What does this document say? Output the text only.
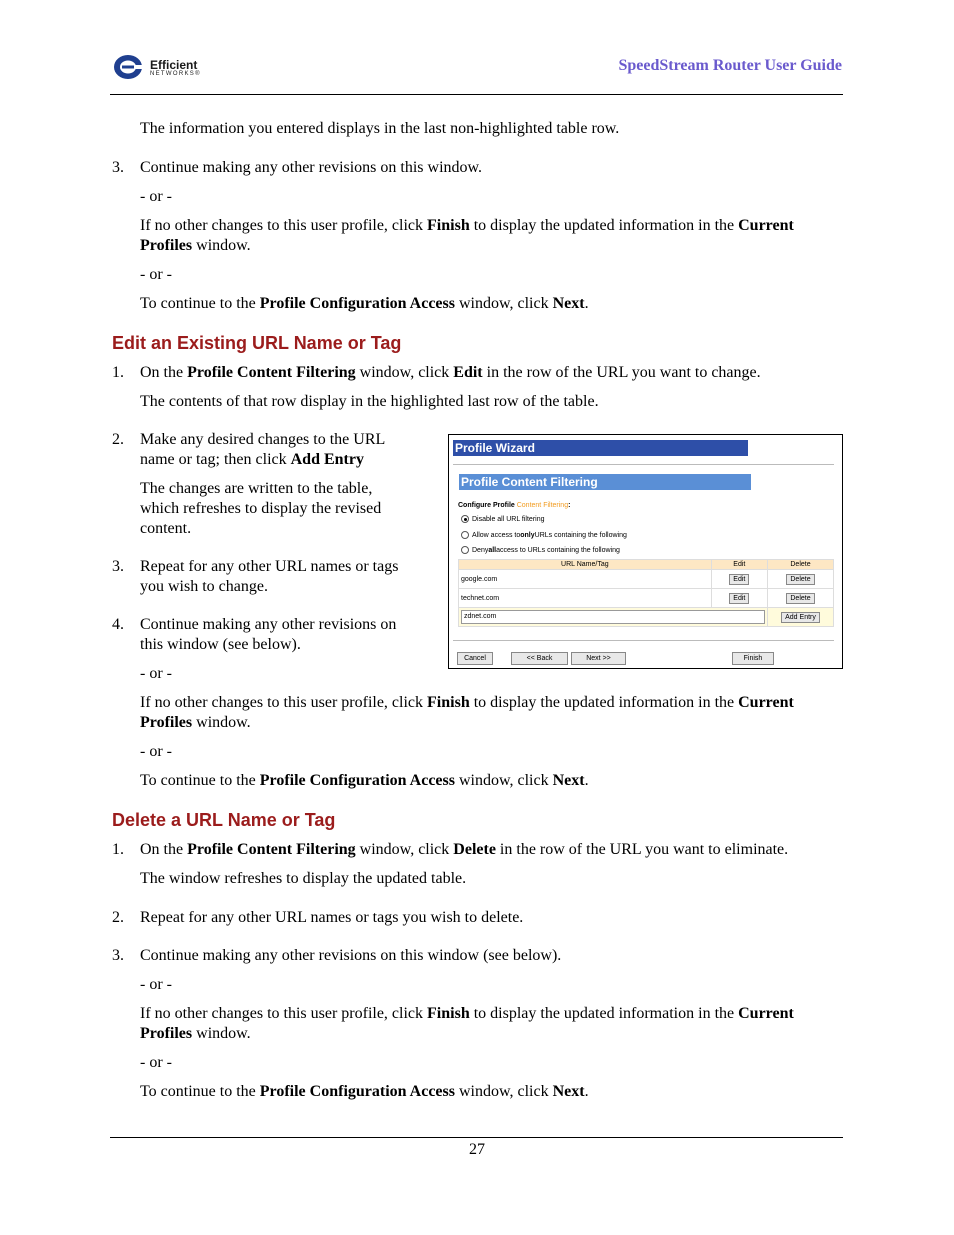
Efficient
NETWORKS®	SpeedStream Router User Guide

The information you entered displays in the last non-highlighted table row.

3. Continue making any other revisions on this window.

- or -

If no other changes to this user profile, click Finish to display the updated information in the Current
Profiles window.

- or -

To continue to the Profile Configuration Access window, click Next.

Edit an Existing URL Name or Tag
1. On the Profile Content Filtering window, click Edit in the row of the URL you want to change.

The contents of that row display in the highlighted last row of the table.

2. Make any desired changes to the URL
name or tag; then click Add Entry

The changes are written to the table,
which refreshes to display the revised
content.

3. Repeat for any other URL names or tags
you wish to change.

4. Continue making any other revisions on
this window (see below).

- or -

If no other changes to this user profile, click Finish to display the updated information in the Current
Profiles window.

- or -

To continue to the Profile Configuration Access window, click Next.

Profile Wizard
Profile Content Filtering
Configure Profile Content Filtering:
Disable all URL filtering
Allow access to only URLs containing the following
Deny all access to URLs containing the following
URL Name/Tag	Edit	Delete
google.com	Edit	Delete
technet.com	Edit	Delete
zdnet.com		Add Entry
Cancel	<< Back	Next >>	Finish
Delete a URL Name or Tag
1. On the Profile Content Filtering window, click Delete in the row of the URL you want to eliminate.

The window refreshes to display the updated table.

2. Repeat for any other URL names or tags you wish to delete.

3. Continue making any other revisions on this window (see below).

- or -

If no other changes to this user profile, click Finish to display the updated information in the Current
Profiles window.

- or -

To continue to the Profile Configuration Access window, click Next.

27
